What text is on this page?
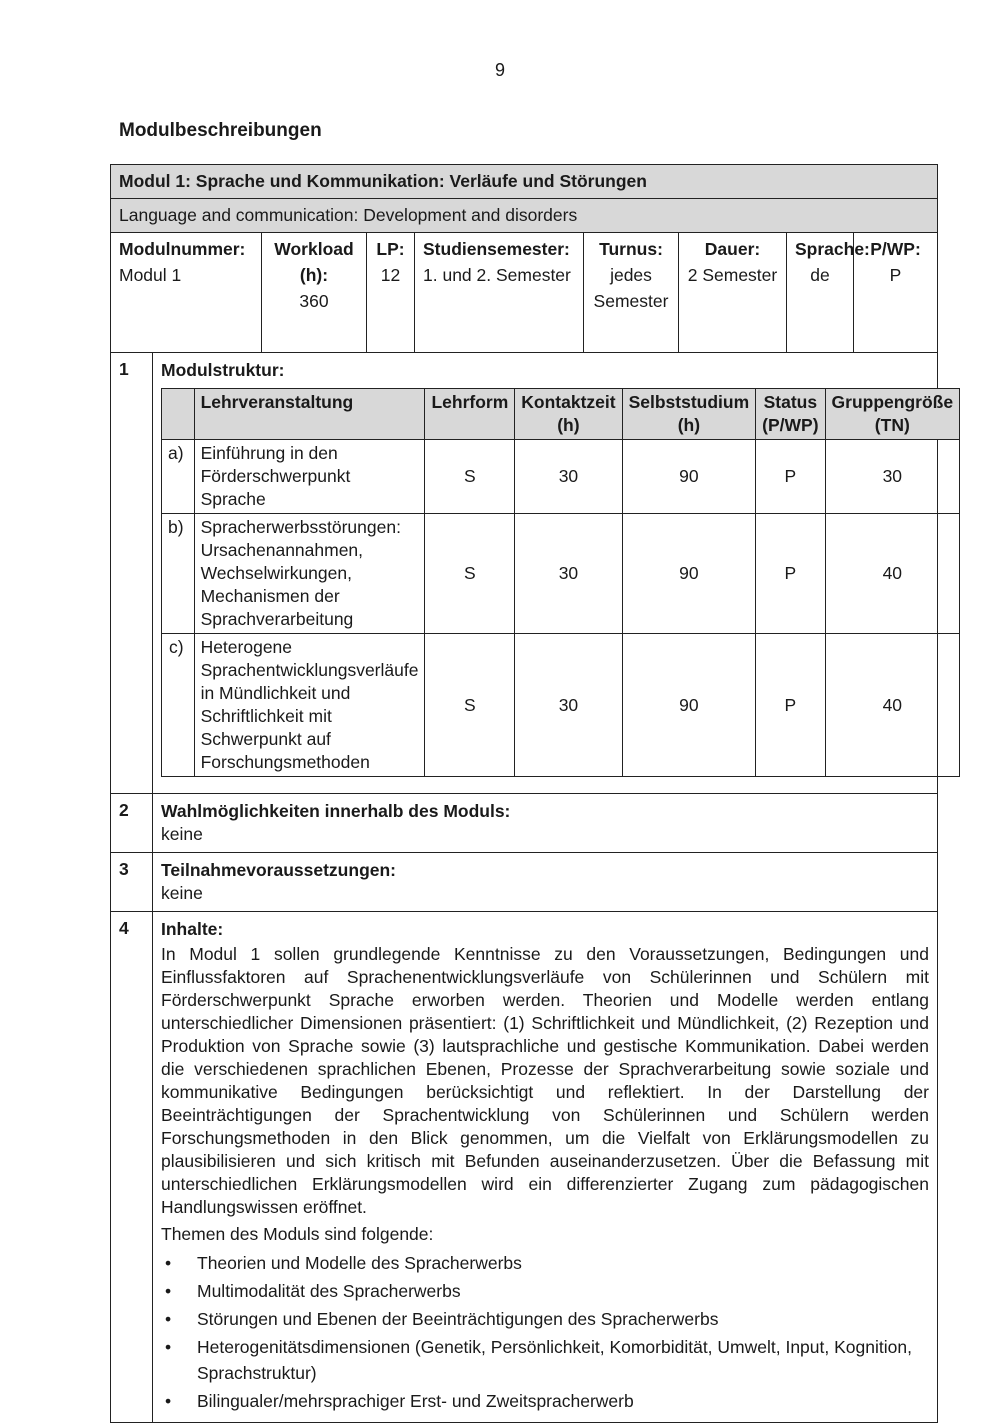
9
Modulbeschreibungen
Modul 1: Sprache und Kommunikation: Verläufe und Störungen
Language and communication: Development and disorders
Modulnummer:
Modul 1
Workload (h):
360
LP:
12
Studiensemester:
1. und 2. Semester
Turnus:
jedes Semester
Dauer:
2 Semester
Sprache:
de
P/WP:
P
1	Modulstruktur:
	Lehrveranstaltung	Lehrform	Kontaktzeit (h)	Selbststudium (h)	Status (P/WP)	Gruppengröße (TN)
a)	Einführung in den Förderschwerpunkt Sprache	S	30	90	P	30
b)	Spracherwerbsstörungen: Ursachenannahmen, Wechselwirkungen, Mechanismen der Sprachverarbeitung	S	30	90	P	40
c)	Heterogene Sprachentwicklungsverläufe in Mündlichkeit und Schriftlichkeit mit Schwerpunkt auf Forschungsmethoden	S	30	90	P	40
2	Wahlmöglichkeiten innerhalb des Moduls:
keine
3	Teilnahmevoraussetzungen:
keine
4	Inhalte:
In Modul 1 sollen grundlegende Kenntnisse zu den Voraussetzungen, Bedingungen und Einflussfaktoren auf Sprachenentwicklungsverläufe von Schülerinnen und Schülern mit Förderschwerpunkt Sprache erworben werden. Theorien und Modelle werden entlang unterschiedlicher Dimensionen präsentiert: (1) Schriftlichkeit und Mündlichkeit, (2) Rezeption und Produktion von Sprache sowie (3) lautsprachliche und gestische Kommunikation. Dabei werden die verschiedenen sprachlichen Ebenen, Prozesse der Sprachverarbeitung sowie soziale und kommunikative Bedingungen berücksichtigt und reflektiert. In der Darstellung der Beeinträchtigungen der Sprachentwicklung von Schülerinnen und Schülern werden Forschungsmethoden in den Blick genommen, um die Vielfalt von Erklärungsmodellen zu plausibilisieren und sich kritisch mit Befunden auseinanderzusetzen. Über die Befassung mit unterschiedlichen Erklärungsmodellen wird ein differenzierter Zugang zum pädagogischen Handlungswissen eröffnet.
Themen des Moduls sind folgende:
• Theorien und Modelle des Spracherwerbs
• Multimodalität des Spracherwerbs
• Störungen und Ebenen der Beeinträchtigungen des Spracherwerbs
• Heterogenitätsdimensionen (Genetik, Persönlichkeit, Komorbidität, Umwelt, Input, Kognition, Sprachstruktur)
• Bilingualer/mehrsprachiger Erst- und Zweitspracherwerb
